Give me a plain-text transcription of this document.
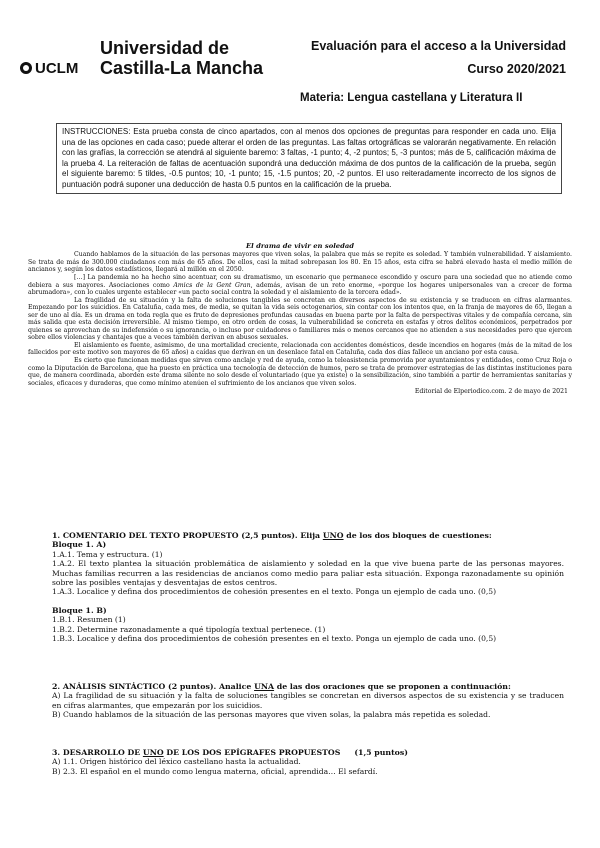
Universidad de
Castilla-La Mancha
UCLM
Evaluación para el acceso a la Universidad
Curso 2020/2021
Materia: Lengua castellana y Literatura II
INSTRUCCIONES: Esta prueba consta de cinco apartados, con al menos dos opciones de preguntas para responder en cada uno. Elija una de las opciones en cada caso; puede alterar el orden de las preguntas. Las faltas ortográficas se valorarán negativamente. En relación con las grafías, la corrección se atendrá al siguiente baremo: 3 faltas, -1 punto; 4, -2 puntos; 5, -3 puntos; más de 5, calificación máxima de la prueba 4. La reiteración de faltas de acentuación supondrá una deducción máxima de dos puntos de la calificación de la prueba, según el siguiente baremo: 5 tildes, -0.5 puntos; 10, -1 punto; 15, -1.5 puntos; 20, -2 puntos. El uso reiteradamente incorrecto de los signos de puntuación podrá suponer una deducción de hasta 0.5 puntos en la calificación de la prueba.
El drama de vivir en soledad

Cuando hablamos de la situación de las personas mayores que viven solas, la palabra que más se repite es soledad. Y también vulnerabilidad. Y aislamiento. Se trata de más de 300.000 ciudadanos con más de 65 años. De ellos, casi la mitad sobrepasan los 80. En 15 años, esta cifra se habrá elevado hasta el medio millón de ancianos y, según los datos estadísticos, llegará al millón en el 2050.

[…] La pandemia no ha hecho sino acentuar, con su dramatismo, un escenario que permanece escondido y oscuro para una sociedad que no atiende como debiera a sus mayores. Asociaciones como Amics de la Gent Gran, además, avisan de un reto enorme, «porque los hogares unipersonales van a crecer de forma abrumadora», con lo cuales urgente establecer «un pacto social contra la soledad y el aislamiento de la tercera edad».

La fragilidad de su situación y la falta de soluciones tangibles se concretan en diversos aspectos de su existencia y se traducen en cifras alarmantes. Empezando por los suicidios. En Cataluña, cada mes, de media, se quitan la vida seis octogenarios, sin contar con los intentos que, en la franja de mayores de 65, llegan a ser de uno al día. Es un drama en toda regla que es fruto de depresiones profundas causadas en buena parte por la falta de perspectivas vitales y de compañía cercana, sin más salida que esta decisión irreversible. Al mismo tiempo, en otro orden de cosas, la vulnerabilidad se concreta en estafas y otros delitos económicos, perpetrados por quienes se aprovechan de su indefensión o su ignorancia, o incluso por cuidadores o familiares más o menos cercanos que no atienden a sus necesidades pero que ejercen sobre ellos violencias y chantajes que a veces también derivan en abusos sexuales.

El aislamiento es fuente, asimismo, de una mortalidad creciente, relacionada con accidentes domésticos, desde incendios en hogares (más de la mitad de los fallecidos por este motivo son mayores de 65 años) a caídas que derivan en un desenlace fatal en Cataluña, cada dos días fallece un anciano por esta causa.

Es cierto que funcionan medidas que sirven como anclaje y red de ayuda, como la teleasistencia promovida por ayuntamientos y entidades, como Cruz Roja o como la Diputación de Barcelona, que ha puesto en práctica una tecnología de detección de humos, pero se trata de promover estrategias de las distintas instituciones para que, de manera coordinada, aborden este drama silente no solo desde el voluntariado (que ya existe) o la sensibilización, sino también a partir de herramientas sanitarias y sociales, eficaces y duraderas, que como mínimo atenúen el sufrimiento de los ancianos que viven solos.

Editorial de Elperiodico.com. 2 de mayo de 2021

1. COMENTARIO DEL TEXTO PROPUESTO (2,5 puntos). Elija UNO de los dos bloques de cuestiones:
Bloque 1. A)
1.A.1. Tema y estructura. (1)
1.A.2. El texto plantea la situación problemática de aislamiento y soledad en la que vive buena parte de las personas mayores. Muchas familias recurren a las residencias de ancianos como medio para paliar esta situación. Exponga razonadamente su opinión sobre las posibles ventajas y desventajas de estos centros.
1.A.3. Localice y defina dos procedimientos de cohesión presentes en el texto. Ponga un ejemplo de cada uno. (0,5)
Bloque 1. B)
1.B.1. Resumen (1)
1.B.2. Determine razonadamente a qué tipología textual pertenece. (1)
1.B.3. Localice y defina dos procedimientos de cohesión presentes en el texto. Ponga un ejemplo de cada uno. (0,5)
2. ANÁLISIS SINTÁCTICO (2 puntos). Analice UNA de las dos oraciones que se proponen a continuación:
A) La fragilidad de su situación y la falta de soluciones tangibles se concretan en diversos aspectos de su existencia y se traducen en cifras alarmantes, que empezarán por los suicidios.
B) Cuando hablamos de la situación de las personas mayores que viven solas, la palabra más repetida es soledad.
3. DESARROLLO DE UNO DE LOS DOS EPÍGRAFES PROPUESTOS (1,5 puntos)
A) 1.1. Origen histórico del léxico castellano hasta la actualidad.
B) 2.3. El español en el mundo como lengua materna, oficial, aprendida… El sefardí.
